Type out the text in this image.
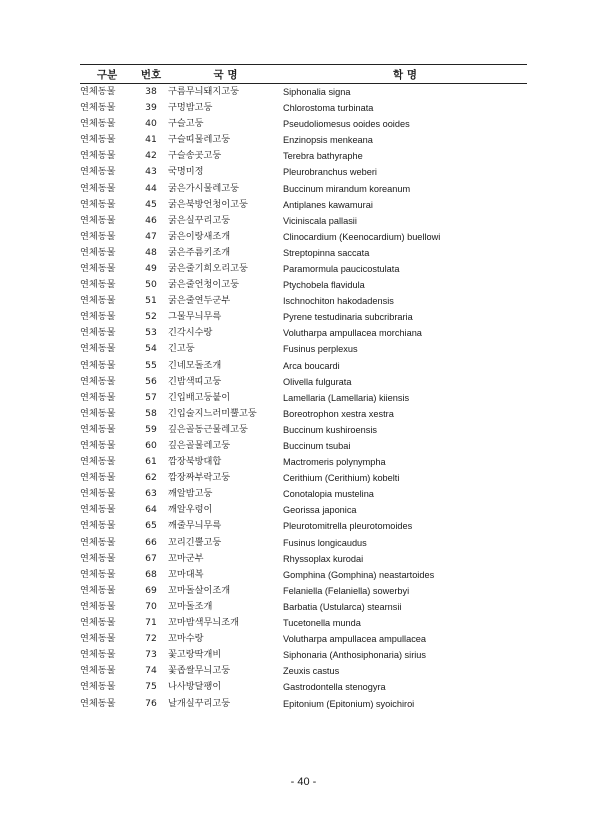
구분	번호	국 명	학 명
연체동물	38	구름무늬돼지고둥	Siphonalia signa
연체동물	39	구멍밤고둥	Chlorostoma turbinata
연체동물	40	구슬고둥	Pseudoliomesus ooides ooides
연체동물	41	구슬띠물레고둥	Enzinopsis menkeana
연체동물	42	구슬송곳고둥	Terebra bathyraphe
연체동물	43	국명미정	Pleurobranchus weberi
연체동물	44	굵은가시물레고둥	Buccinum mirandum koreanum
연체동물	45	굵은북방언청이고둥	Antiplanes kawamurai
연체동물	46	굵은실꾸리고둥	Viciniscala pallasii
연체동물	47	굵은이랑새조개	Clinocardium (Keenocardium) buellowi
연체동물	48	굵은주름키조개	Streptopinna saccata
연체동물	49	굵은줄기희오리고둥	Paramormula paucicostulata
연체동물	50	굵은줄언청이고둥	Ptychobela flavidula
연체동물	51	굵은줄연두군부	Ischnochiton hakodadensis
연체동물	52	그물무늬무륵	Pyrene testudinaria subcribraria
연체동물	53	긴각시수랑	Volutharpa ampullacea morchiana
연체동물	54	긴고둥	Fusinus perplexus
연체동물	55	긴네모돌조개	Arca boucardi
연체동물	56	긴밤색띠고둥	Olivella fulgurata
연체동물	57	긴입배고둥붙이	Lamellaria (Lamellaria) kiiensis
연체동물	58	긴입술지느러미뿔고둥	Boreotrophon xestra xestra
연체동물	59	깊은골동근물레고둥	Buccinum kushiroensis
연체동물	60	깊은골물레고둥	Buccinum tsubai
연체동물	61	깜장북방대합	Mactromeris polynympha
연체동물	62	깜장짜부락고둥	Cerithium (Cerithium) kobelti
연체동물	63	깨알밤고둥	Conotalopia mustelina
연체동물	64	깨알우렁이	Georissa japonica
연체동물	65	깨줄무늬무륵	Pleurotomitrella pleurotomoides
연체동물	66	꼬리긴뿔고둥	Fusinus longicaudus
연체동물	67	꼬마군부	Rhyssoplax kurodai
연체동물	68	꼬마대복	Gomphina (Gomphina) neastartoides
연체동물	69	꼬마돌살이조개	Felaniella (Felaniella) sowerbyi
연체동물	70	꼬마돌조개	Barbatia (Ustularca) stearnsii
연체동물	71	꼬마밤색무늬조개	Tucetonella munda
연체동물	72	꼬마수랑	Volutharpa ampullacea ampullacea
연체동물	73	꽃고랑딱개비	Siphonaria (Anthosiphonaria) sirius
연체동물	74	꽃좁쌀무늬고둥	Zeuxis castus
연체동물	75	나사방달팽이	Gastrodontella stenogyra
연체동물	76	날개실꾸리고둥	Epitonium (Epitonium) syoichiroi
- 40 -
